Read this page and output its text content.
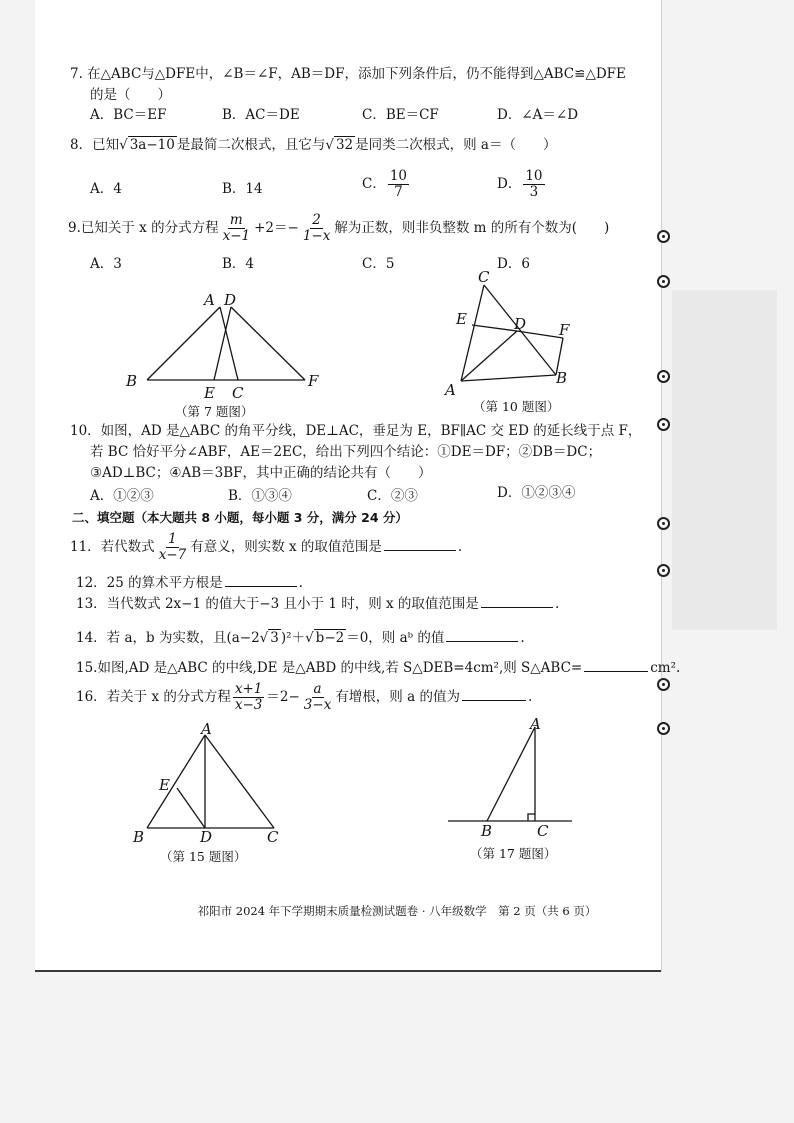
7. 在△ABC与△DFE中，∠B＝∠F，AB＝DF，添加下列条件后，仍不能得到△ABC≌△DFE
的是（　　）
A．BC＝EF	B．AC＝DE	C．BE＝CF	D．∠A＝∠D
8．已知√ 3a−10 是最简二次根式，且它与√ 32 是同类二次根式，则 a＝（　　）
A．4	B．14	C． $\frac{10}{7}$	D． $\frac{10}{3}$
9.已知关于 x 的分式方程 $\frac{m}{x-1} +2=- \frac{2}{1-x}$ 解为正数，则非负整数 m 的所有个数为(　　)
A．3	B．4	C．5	D．6
A D
B
E C
F
（第 7 题图）
C
E	D F
A
B
（第 10 题图）
10．如图，AD 是△ABC 的角平分线，DE⊥AC，垂足为 E，BF∥AC 交 ED 的延长线于点 F，
若 BC 恰好平分∠ABF，AE＝2EC，给出下列四个结论：①DE＝DF；②DB＝DC；
③AD⊥BC；④AB＝3BF，其中正确的结论共有（　　）
A．①②③	B．①③④	C．②③	D．①②③④
二、填空题（本大题共 8 小题，每小题 3 分，满分 24 分）
11．若代数式 $\frac{1}{x-7}$ 有意义，则实数 x 的取值范围是	.
12．25 的算术平方根是	.
13．当代数式 2x−1 的值大于−3 且小于 1 时，则 x 的取值范围是	.
14．若 a，b 为实数，且(a−2√ 3 )²＋√ b−2 ＝0，则 aᵇ 的值	.
15.如图,AD 是△ABC 的中线,DE 是△ABD 的中线,若 S△DEB=4cm²,则 S△ABC=	cm².
16．若关于 x 的分式方程 $\frac{x+1}{x-3} =2- \frac{a}{3-x}$ 有增根，则 a 的值为	.
A
E
B	D	C
（第 15 题图）
A
B	C
（第 17 题图）
祁阳市 2024 年下学期期末质量检测试题卷 · 八年级数学　第 2 页（共 6 页）
